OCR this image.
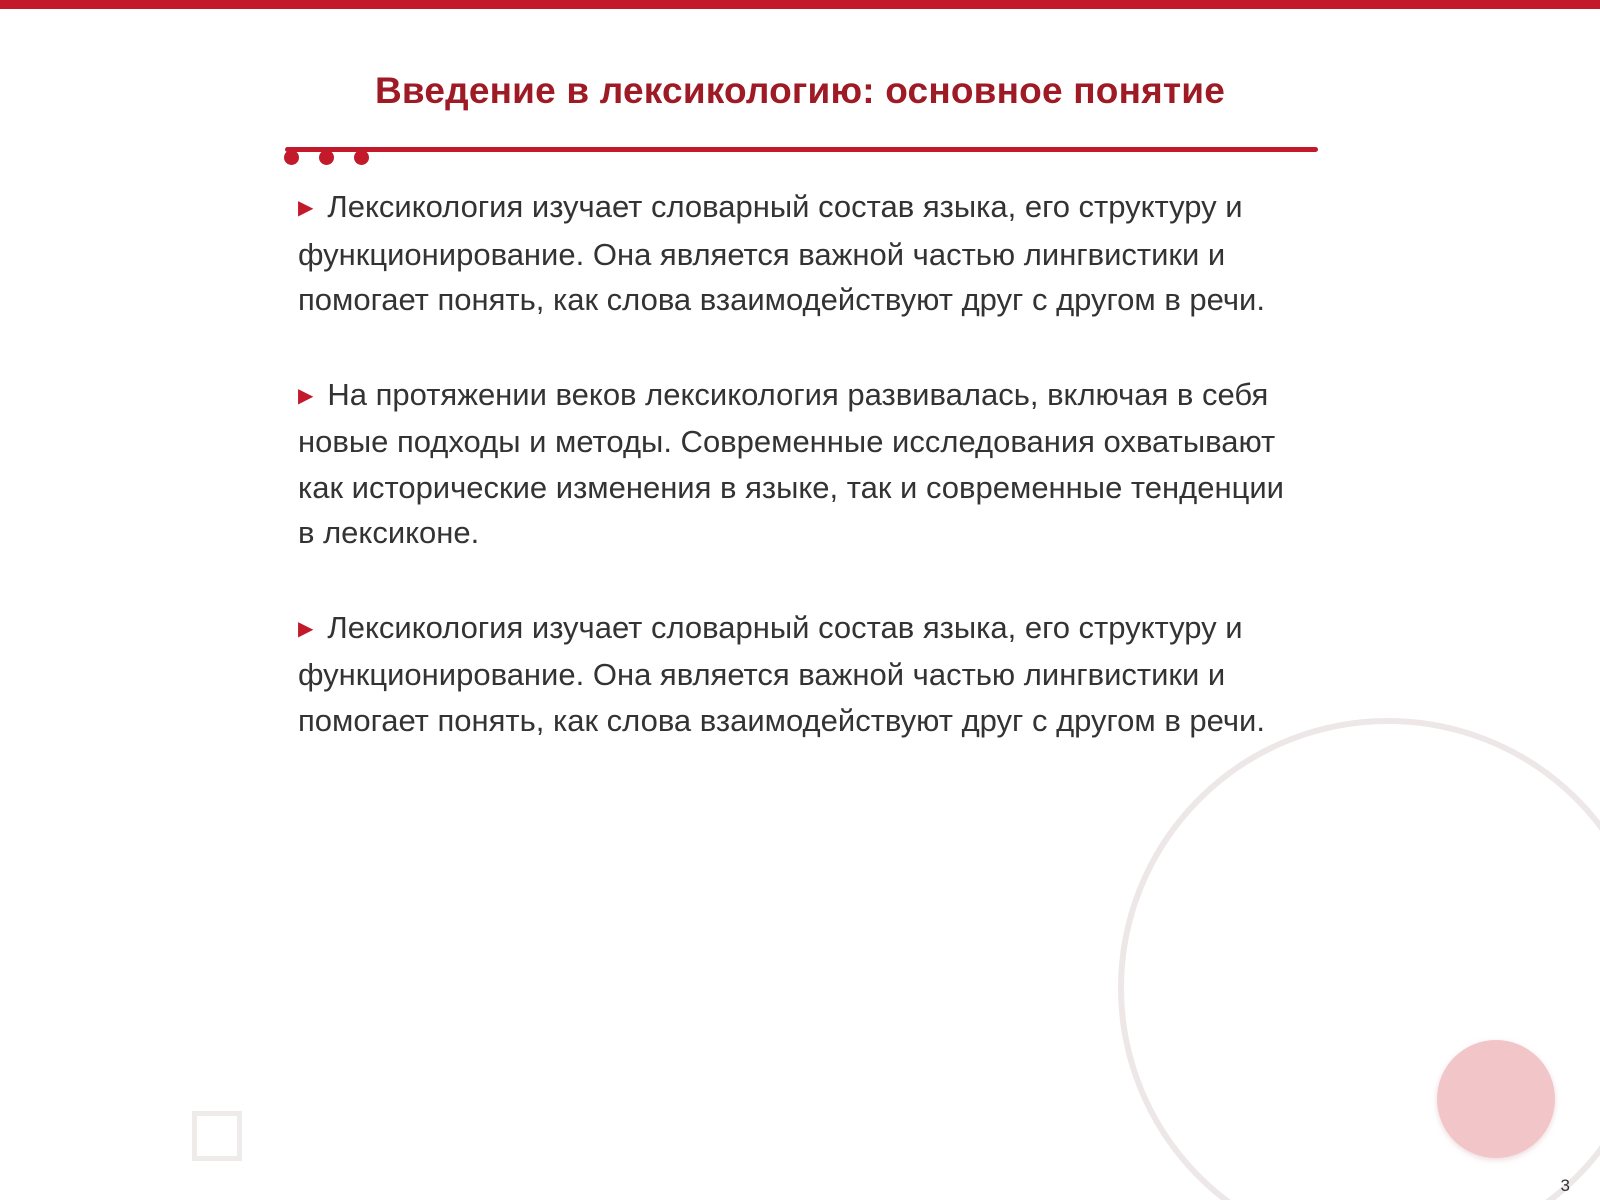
Введение в лексикологию: основное понятие

▶ Лексикология изучает словарный состав языка, его структуру и функционирование. Она является важной частью лингвистики и помогает понять, как слова взаимодействуют друг с другом в речи.

▶ На протяжении веков лексикология развивалась, включая в себя новые подходы и методы. Современные исследования охватывают как исторические изменения в языке, так и современные тенденции в лексиконе.

▶ Лексикология изучает словарный состав языка, его структуру и функционирование. Она является важной частью лингвистики и помогает понять, как слова взаимодействуют друг с другом в речи.

3
